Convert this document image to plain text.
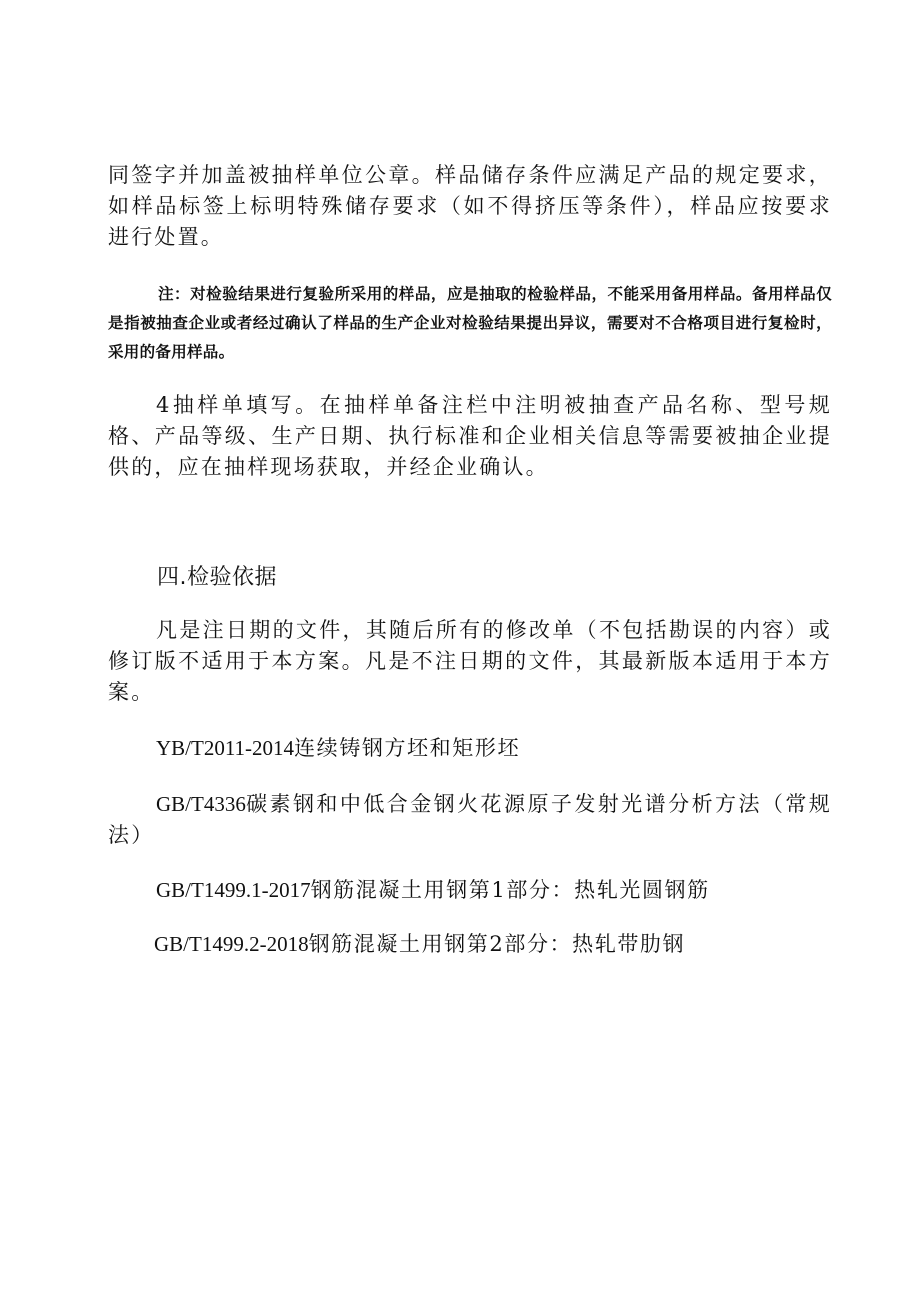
同签字并加盖被抽样单位公章。样品储存条件应满足产品的规定要求，如样品标签上标明特殊储存要求（如不得挤压等条件），样品应按要求进行处置。

注：对检验结果进行复验所采用的样品，应是抽取的检验样品，不能采用备用样品。备用样品仅是指被抽查企业或者经过确认了样品的生产企业对检验结果提出异议，需要对不合格项目进行复检时，采用的备用样品。

4抽样单填写。在抽样单备注栏中注明被抽查产品名称、型号规格、产品等级、生产日期、执行标准和企业相关信息等需要被抽企业提供的，应在抽样现场获取，并经企业确认。

四.检验依据

凡是注日期的文件，其随后所有的修改单（不包括勘误的内容）或修订版不适用于本方案。凡是不注日期的文件，其最新版本适用于本方案。

YB/T2011-2014连续铸钢方坯和矩形坯

GB/T4336碳素钢和中低合金钢火花源原子发射光谱分析方法（常规法）

GB/T1499.1-2017钢筋混凝土用钢第1部分：热轧光圆钢筋
GB/T1499.2-2018钢筋混凝土用钢第2部分：热轧带肋钢
